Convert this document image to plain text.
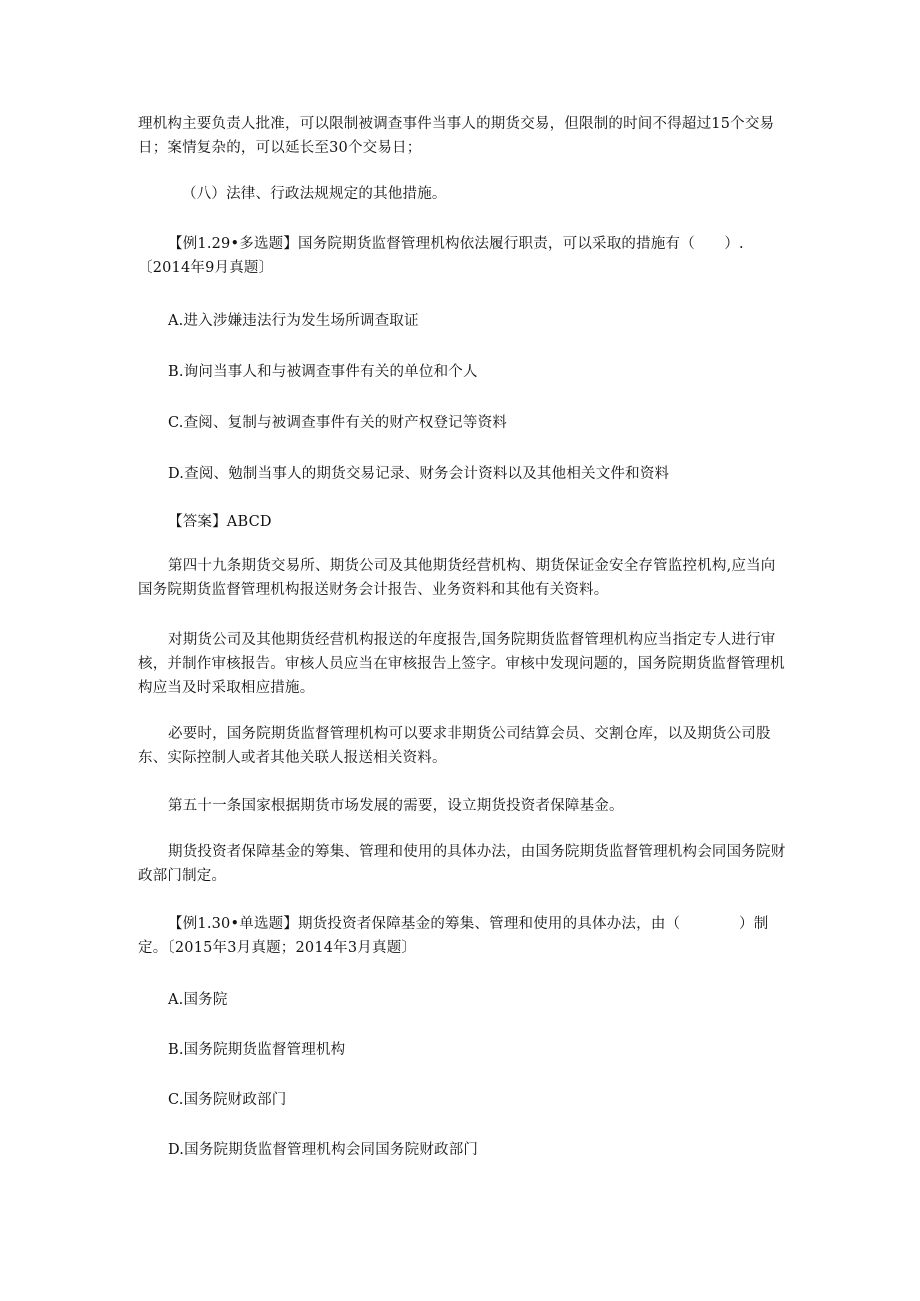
理机构主要负责人批准，可以限制被调查事件当事人的期货交易，但限制的时间不得超过15个交易日；案情复杂的，可以延长至30个交易日；

（八）法律、行政法规规定的其他措施。

【例1.29•多选题】国务院期货监督管理机构依法履行职责，可以采取的措施有（　　）.〔2014年9月真题〕

A.进入涉嫌违法行为发生场所调查取证

B.询问当事人和与被调查事件有关的单位和个人

C.查阅、复制与被调查事件有关的财产权登记等资料

D.查阅、勉制当事人的期货交易记录、财务会计资料以及其他相关文件和资料

【答案】ABCD

第四十九条期货交易所、期货公司及其他期货经营机构、期货保证金安全存管监控机构,应当向国务院期货监督管理机构报送财务会计报告、业务资料和其他有关资料。

对期货公司及其他期货经营机构报送的年度报告,国务院期货监督管理机构应当指定专人进行审核，并制作审核报告。审核人员应当在审核报告上签字。审核中发现问题的，国务院期货监督管理机构应当及时采取相应措施。

必要时，国务院期货监督管理机构可以要求非期货公司结算会员、交割仓库，以及期货公司股东、实际控制人或者其他关联人报送相关资料。

第五十一条国家根据期货市场发展的需要，设立期货投资者保障基金。

期货投资者保障基金的筹集、管理和使用的具体办法，由国务院期货监督管理机构会同国务院财政部门制定。

【例1.30•单选题】期货投资者保障基金的筹集、管理和使用的具体办法，由（　　　　）制定。〔2015年3月真题；2014年3月真题〕

A.国务院

B.国务院期货监督管理机构

C.国务院财政部门

D.国务院期货监督管理机构会同国务院财政部门
